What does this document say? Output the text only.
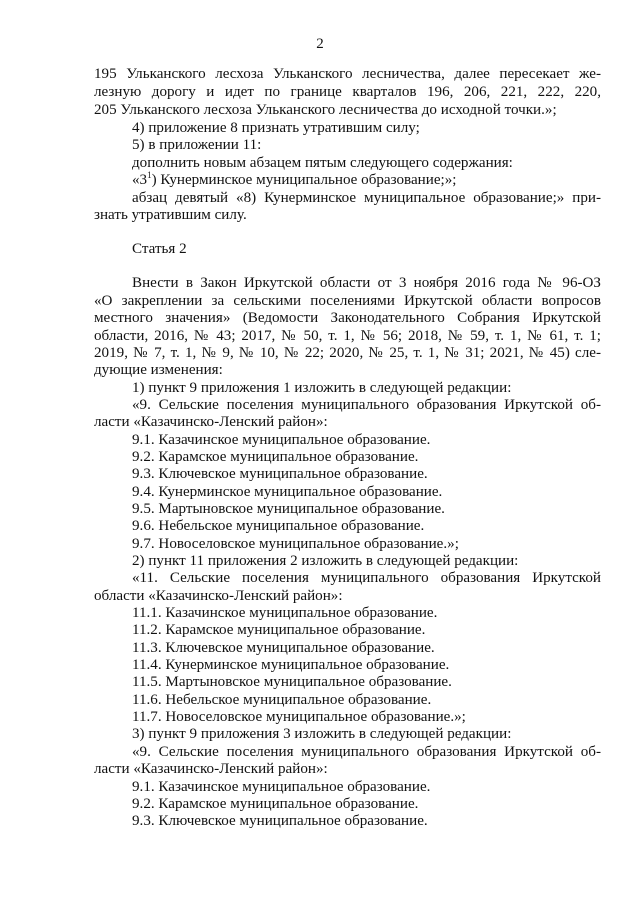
2
195 Ульканского лесхоза Ульканского лесничества, далее пересекает же-
лезную дорогу и идет по границе кварталов 196, 206, 221, 222, 220,
205 Ульканского лесхоза Ульканского лесничества до исходной точки.»;
4) приложение 8 признать утратившим силу;
5) в приложении 11:
дополнить новым абзацем пятым следующего содержания:
«$3^1$) Кунерминское муниципальное образование;»;
абзац девятый «8) Кунерминское муниципальное образование;» при-
знать утратившим силу.
Статья 2
Внести в Закон Иркутской области от 3 ноября 2016 года № 96-ОЗ
«О закреплении за сельскими поселениями Иркутской области вопросов
местного значения» (Ведомости Законодательного Собрания Иркутской
области, 2016, № 43; 2017, № 50, т. 1, № 56; 2018, № 59, т. 1, № 61, т. 1;
2019, № 7, т. 1, № 9, № 10, № 22; 2020, № 25, т. 1, № 31; 2021, № 45) сле-
дующие изменения:
1) пункт 9 приложения 1 изложить в следующей редакции:
«9. Сельские поселения муниципального образования Иркутской об-
ласти «Казачинско-Ленский район»:
9.1. Казачинское муниципальное образование.
9.2. Карамское муниципальное образование.
9.3. Ключевское муниципальное образование.
9.4. Кунерминское муниципальное образование.
9.5. Мартыновское муниципальное образование.
9.6. Небельское муниципальное образование.
9.7. Новоселовское муниципальное образование.»;
2) пункт 11 приложения 2 изложить в следующей редакции:
«11. Сельские поселения муниципального образования Иркутской
области «Казачинско-Ленский район»:
11.1. Казачинское муниципальное образование.
11.2. Карамское муниципальное образование.
11.3. Ключевское муниципальное образование.
11.4. Кунерминское муниципальное образование.
11.5. Мартыновское муниципальное образование.
11.6. Небельское муниципальное образование.
11.7. Новоселовское муниципальное образование.»;
3) пункт 9 приложения 3 изложить в следующей редакции:
«9. Сельские поселения муниципального образования Иркутской об-
ласти «Казачинско-Ленский район»:
9.1. Казачинское муниципальное образование.
9.2. Карамское муниципальное образование.
9.3. Ключевское муниципальное образование.
